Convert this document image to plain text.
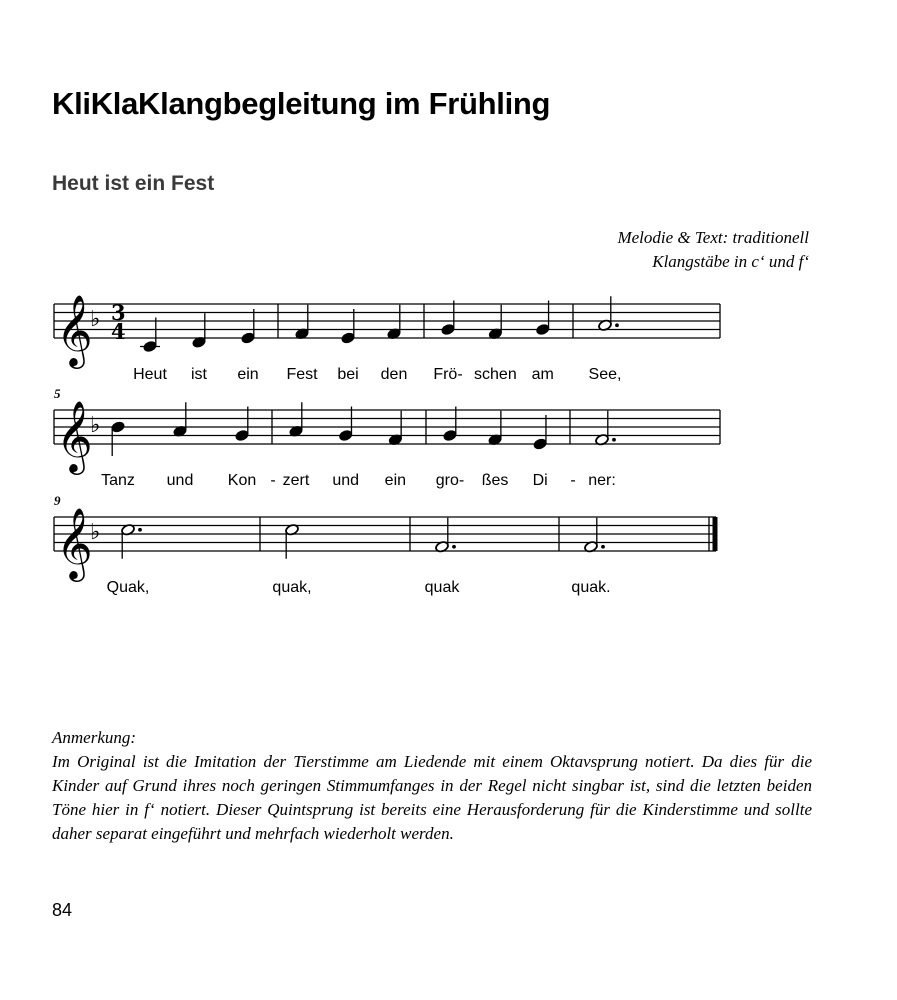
KliKlaKlangbegleitung im Frühling
Heut ist ein Fest
Melodie & Text: traditionell
Klangstäbe in c‘ und f‘
𝄞
♭ 3
4
Heut ist ein Fest bei den Frö- schen am See,
𝄞
♭
5
Tanz und Kon zert und ein gro- ßes Di	ner:
-	-
𝄞
♭
9
Quak,	quak,	quak	quak.
Anmerkung:
Im Original ist die Imitation der Tierstimme am Liedende mit einem Oktavsprung notiert. Da dies für die Kinder auf Grund ihres noch geringen Stimmumfanges in der Regel nicht singbar ist, sind die letzten beiden Töne hier in f‘ notiert. Dieser Quintsprung ist bereits eine Herausforderung für die Kinderstimme und sollte daher separat eingeführt und mehrfach wiederholt werden.
84
